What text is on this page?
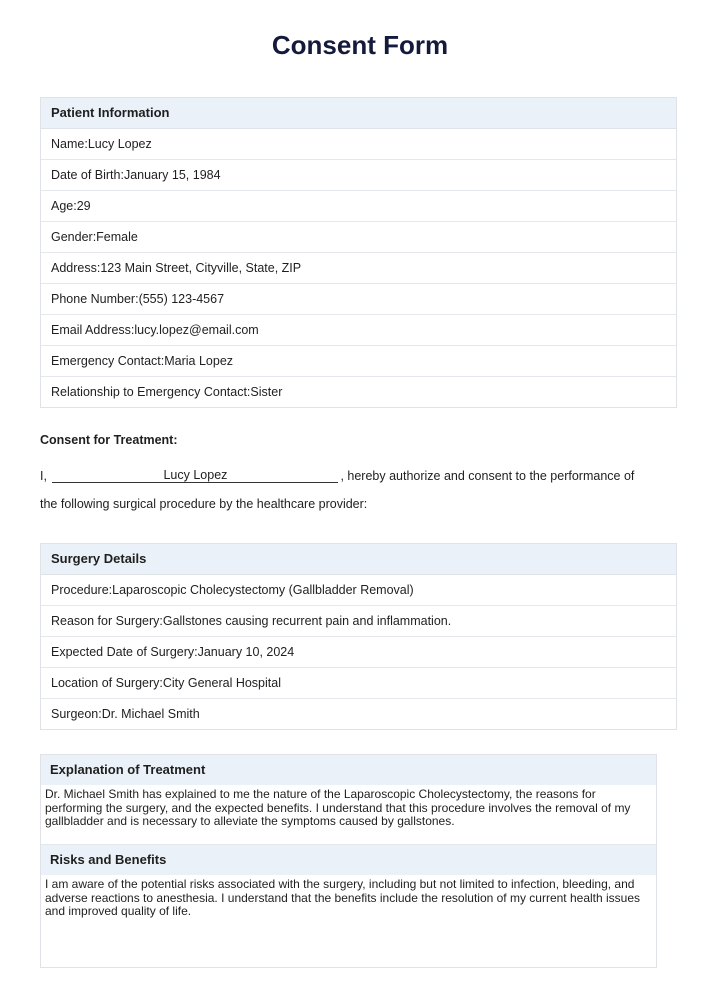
Consent Form
Patient Information
Name:Lucy Lopez
Date of Birth:January 15, 1984
Age:29
Gender:Female
Address:123 Main Street, Cityville, State, ZIP
Phone Number:(555) 123-4567
Email Address:lucy.lopez@email.com
Emergency Contact:Maria Lopez
Relationship to Emergency Contact:Sister
Consent for Treatment:
I,	Lucy Lopez	, hereby authorize and consent to the performance of
the following surgical procedure by the healthcare provider:
Surgery Details
Procedure:Laparoscopic Cholecystectomy (Gallbladder Removal)
Reason for Surgery:Gallstones causing recurrent pain and inflammation.
Expected Date of Surgery:January 10, 2024
Location of Surgery:City General Hospital
Surgeon:Dr. Michael Smith
Explanation of Treatment
Dr. Michael Smith has explained to me the nature of the Laparoscopic Cholecystectomy, the reasons for performing the surgery, and the expected benefits. I understand that this procedure involves the removal of my gallbladder and is necessary to alleviate the symptoms caused by gallstones.
Risks and Benefits
I am aware of the potential risks associated with the surgery, including but not limited to infection, bleeding, and adverse reactions to anesthesia. I understand that the benefits include the resolution of my current health issues and improved quality of life.
